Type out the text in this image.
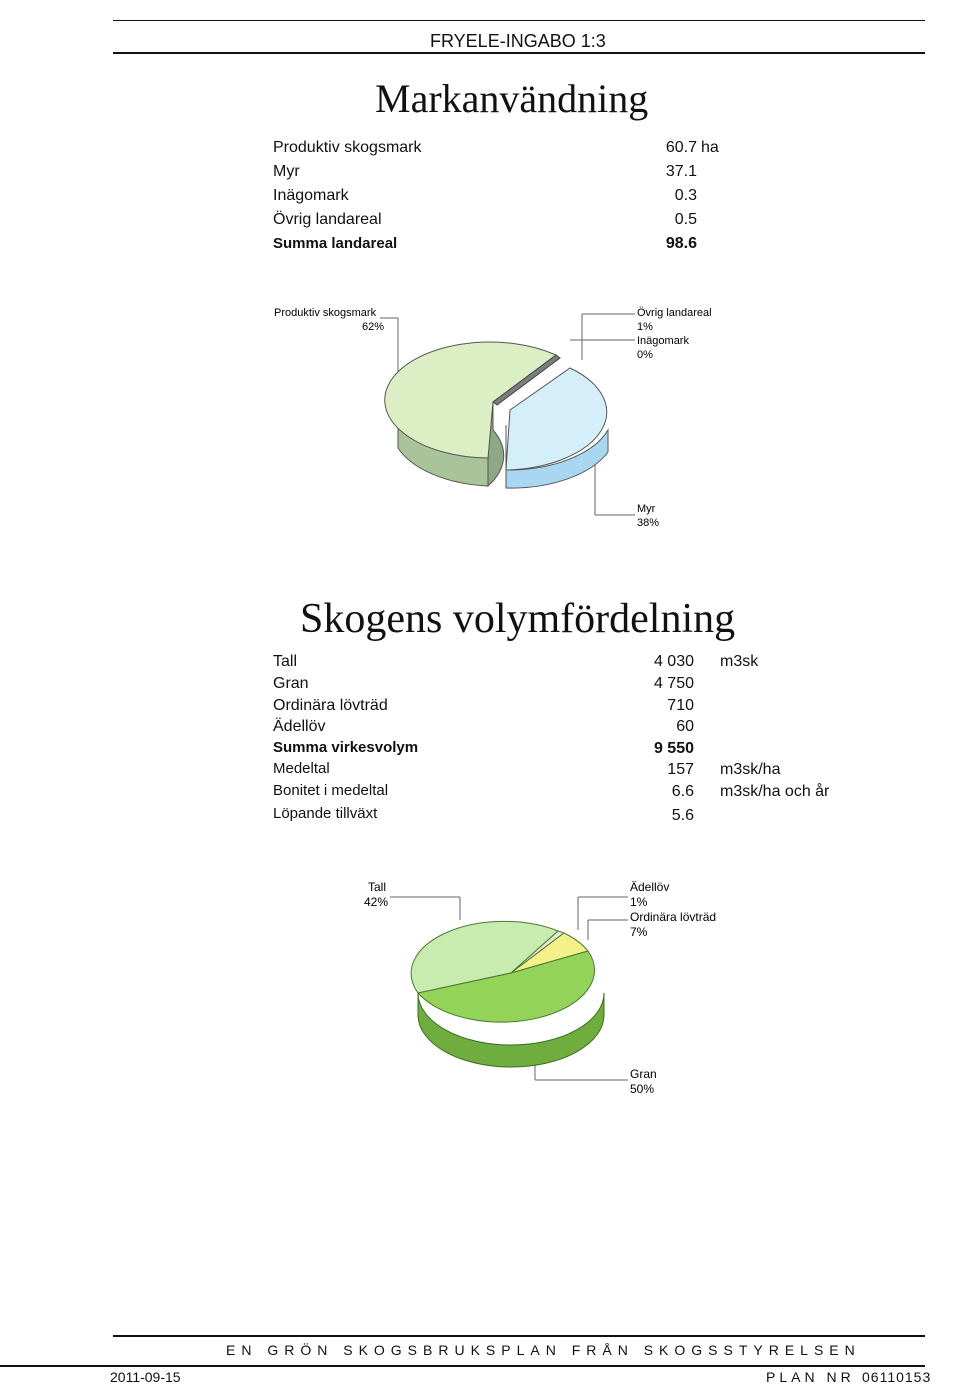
FRYELE-INGABO 1:3
Markanvändning
Produktiv skogsmark	60.7 ha
Myr	37.1
Inägomark	0.3
Övrig landareal	0.5
Summa landareal	98.6
Produktiv skogsmark
62%
Övrig landareal
1%
Inägomark
0%
Myr
38%
Skogens volymfördelning
Tall	4 030 m3sk
Gran	4 750
Ordinära lövträd	710
Ädellöv	60
Summa virkesvolym	9 550
Medeltal	157 m3sk/ha
Bonitet i medeltal	6.6 m3sk/ha och år
Löpande tillväxt	5.6
Tall
42%
Ädellöv
1%
Ordinära lövträd
7%
Gran
50%
EN GRÖN SKOGSBRUKSPLAN FRÅN SKOGSSTYRELSEN
2011-09-15	PLAN NR 06110153
